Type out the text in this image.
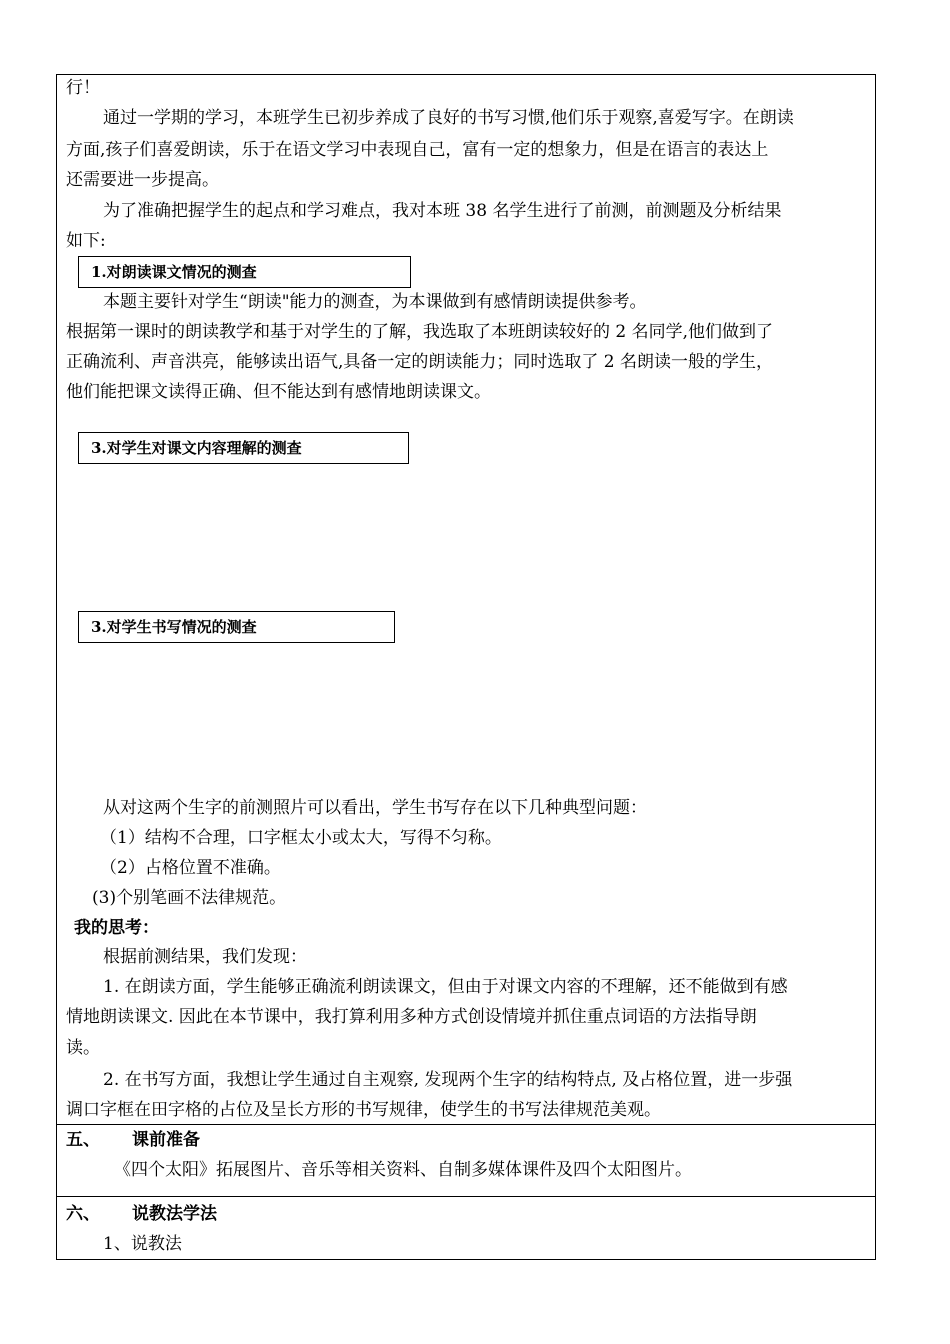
行！
通过一学期的学习，本班学生已初步养成了良好的书写习惯,他们乐于观察,喜爱写字。在朗读
方面,孩子们喜爱朗读，乐于在语文学习中表现自己，富有一定的想象力，但是在语言的表达上
还需要进一步提高。
为了准确把握学生的起点和学习难点，我对本班 38 名学生进行了前测，前测题及分析结果
如下:
1.对朗读课文情况的测查
本题主要针对学生“朗读"能力的测查，为本课做到有感情朗读提供参考。
根据第一课时的朗读教学和基于对学生的了解，我选取了本班朗读较好的 2 名同学,他们做到了
正确流利、声音洪亮，能够读出语气,具备一定的朗读能力；同时选取了 2 名朗读一般的学生，
他们能把课文读得正确、但不能达到有感情地朗读课文。
3.对学生对课文内容理解的测查
3.对学生书写情况的测查
从对这两个生字的前测照片可以看出，学生书写存在以下几种典型问题：
（1）结构不合理，口字框太小或太大，写得不匀称。
（2）占格位置不准确。
(3)个别笔画不法律规范。
我的思考：
根据前测结果，我们发现：
1. 在朗读方面，学生能够正确流利朗读课文，但由于对课文内容的不理解，还不能做到有感
情地朗读课文. 因此在本节课中，我打算利用多种方式创设情境并抓住重点词语的方法指导朗
读。
2. 在书写方面，我想让学生通过自主观察, 发现两个生字的结构特点, 及占格位置，进一步强
调口字框在田字格的占位及呈长方形的书写规律，使学生的书写法律规范美观。
五、 课前准备
《四个太阳》拓展图片、音乐等相关资料、自制多媒体课件及四个太阳图片。
六、 说教法学法
1、说教法
